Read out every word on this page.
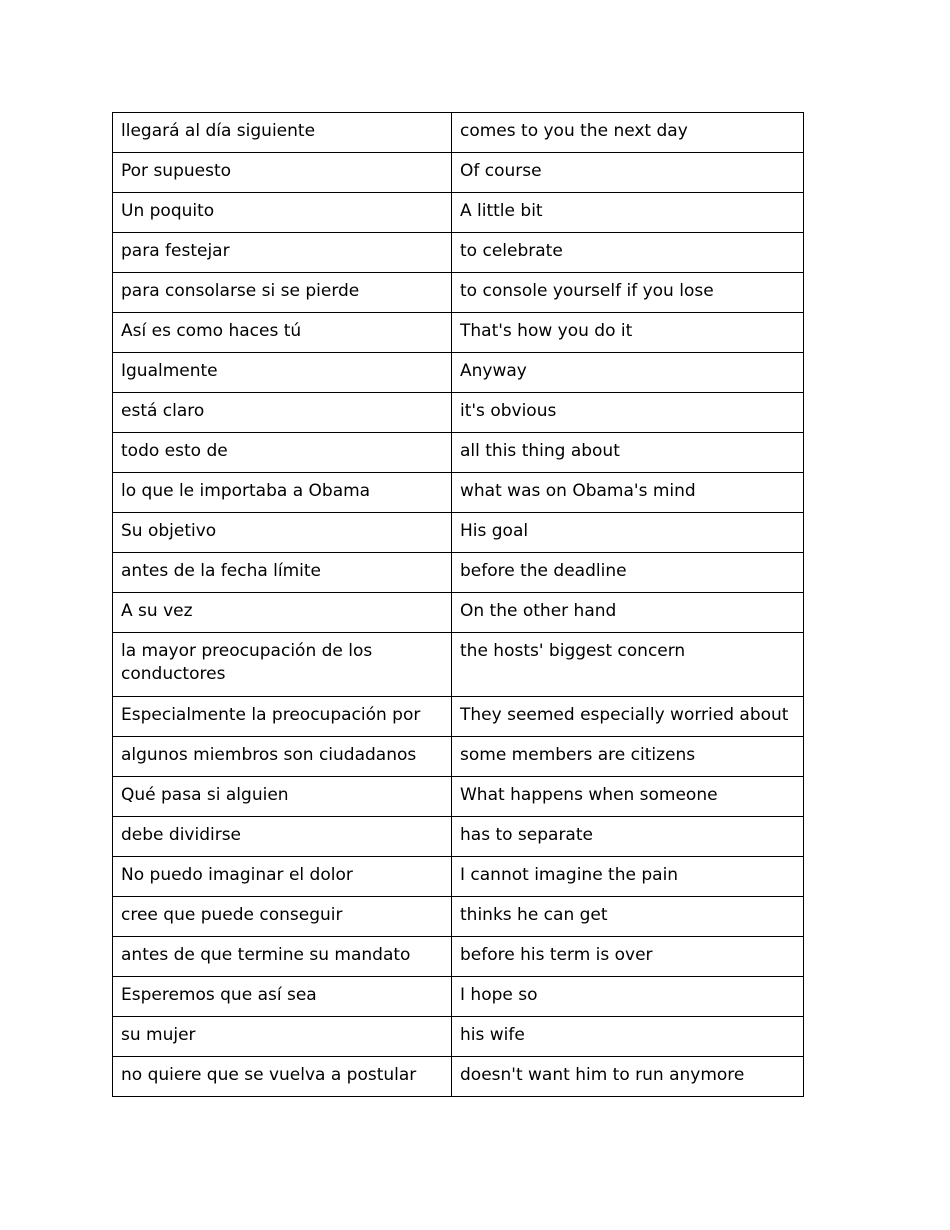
llegará al día siguiente	comes to you the next day
Por supuesto	Of course
Un poquito	A little bit
para festejar	to celebrate
para consolarse si se pierde	to console yourself if you lose
Así es como haces tú	That's how you do it
Igualmente	Anyway
está claro	it's obvious
todo esto de	all this thing about
lo que le importaba a Obama	what was on Obama's mind
Su objetivo	His goal
antes de la fecha límite	before the deadline
A su vez	On the other hand
la mayor preocupación de los conductores	the hosts' biggest concern
Especialmente la preocupación por	They seemed especially worried about
algunos miembros son ciudadanos	some members are citizens
Qué pasa si alguien	What happens when someone
debe dividirse	has to separate
No puedo imaginar el dolor	I cannot imagine the pain
cree que puede conseguir	thinks he can get
antes de que termine su mandato	before his term is over
Esperemos que así sea	I hope so
su mujer	his wife
no quiere que se vuelva a postular	doesn't want him to run anymore
